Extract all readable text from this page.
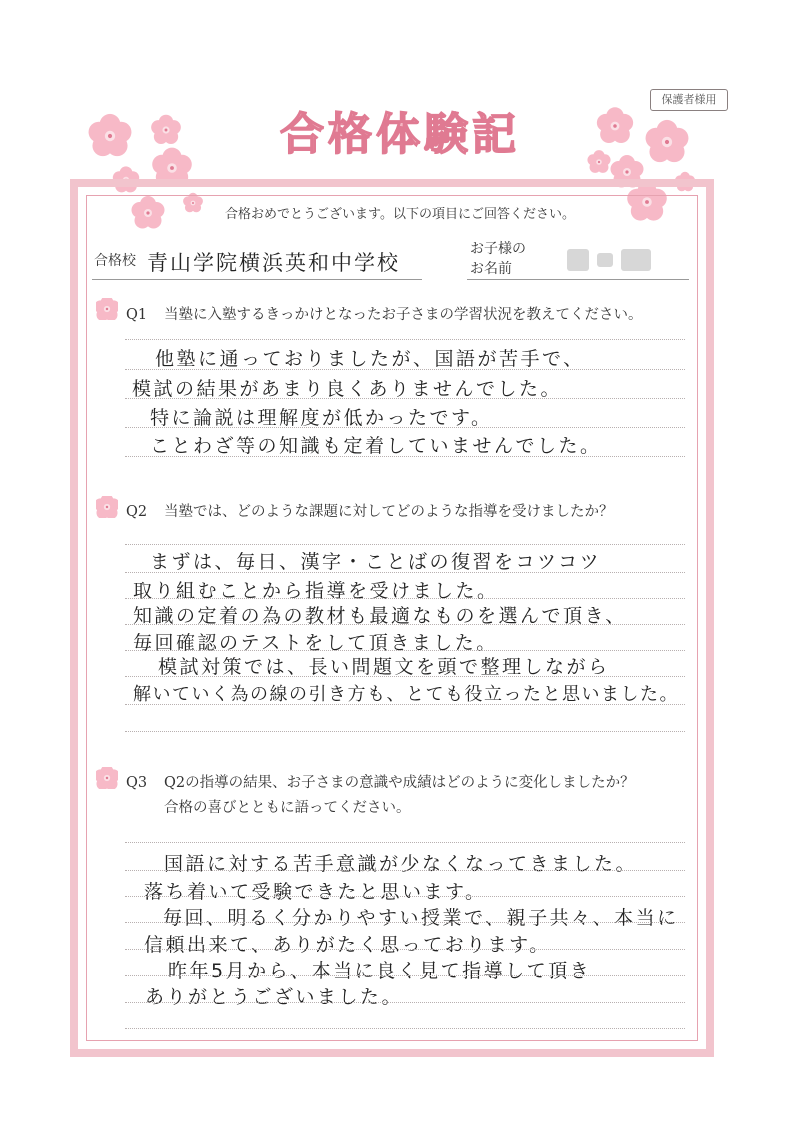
保護者様用
合格体験記
合格おめでとうございます。以下の項目にご回答ください。
合格校 青山学院横浜英和中学校
お子様の
お名前
Q1 当塾に入塾するきっかけとなったお子さまの学習状況を教えてください。
他塾に通っておりましたが、国語が苦手で、
模試の結果があまり良くありませんでした。
特に論説は理解度が低かったです。
ことわざ等の知識も定着していませんでした。
Q2 当塾では、どのような課題に対してどのような指導を受けましたか？
まずは、毎日、漢字・ことばの復習をコツコツ
取り組むことから指導を受けました。
知識の定着の為の教材も最適なものを選んで頂き、
毎回確認のテストをして頂きました。
模試対策では、長い問題文を頭で整理しながら
解いていく為の線の引き方も、とても役立ったと思いました。
Q3 Q2の指導の結果、お子さまの意識や成績はどのように変化しましたか？
合格の喜びとともに語ってください。
国語に対する苦手意識が少なくなってきました。
落ち着いて受験できたと思います。
毎回、明るく分かりやすい授業で、親子共々、本当に
信頼出来て、ありがたく思っております。
昨年5月から、本当に良く見て指導して頂き
ありがとうございました。
